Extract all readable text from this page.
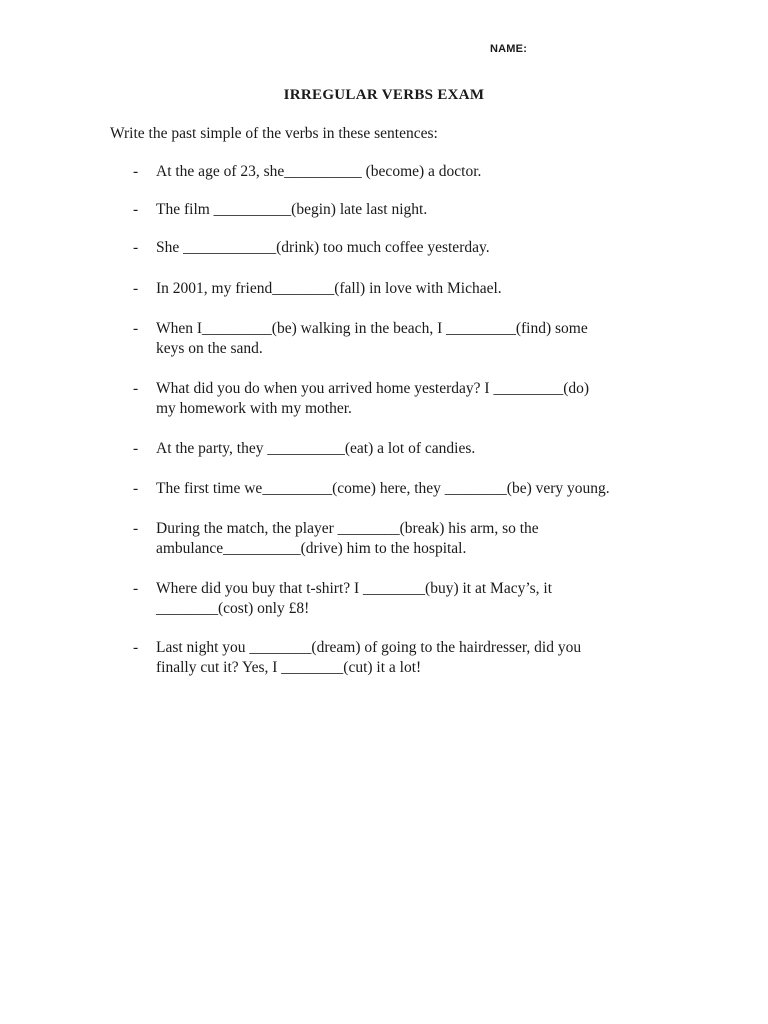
NAME:
IRREGULAR VERBS EXAM
Write the past simple of the verbs in these sentences:
- At the age of 23, she__________ (become) a doctor.
- The film __________(begin) late last night.
- She ____________(drink) too much coffee yesterday.
- In 2001, my friend________(fall) in love with Michael.
- When I_________(be) walking in the beach, I _________(find) some
keys on the sand.
- What did you do when you arrived home yesterday? I _________(do)
my homework with my mother.
- At the party, they __________(eat) a lot of candies.
- The first time we_________(come) here, they ________(be) very young.
- During the match, the player ________(break) his arm, so the
ambulance__________(drive) him to the hospital.
- Where did you buy that t-shirt? I ________(buy) it at Macy’s, it
________(cost) only £8!
- Last night you ________(dream) of going to the hairdresser, did you
finally cut it? Yes, I ________(cut) it a lot!
